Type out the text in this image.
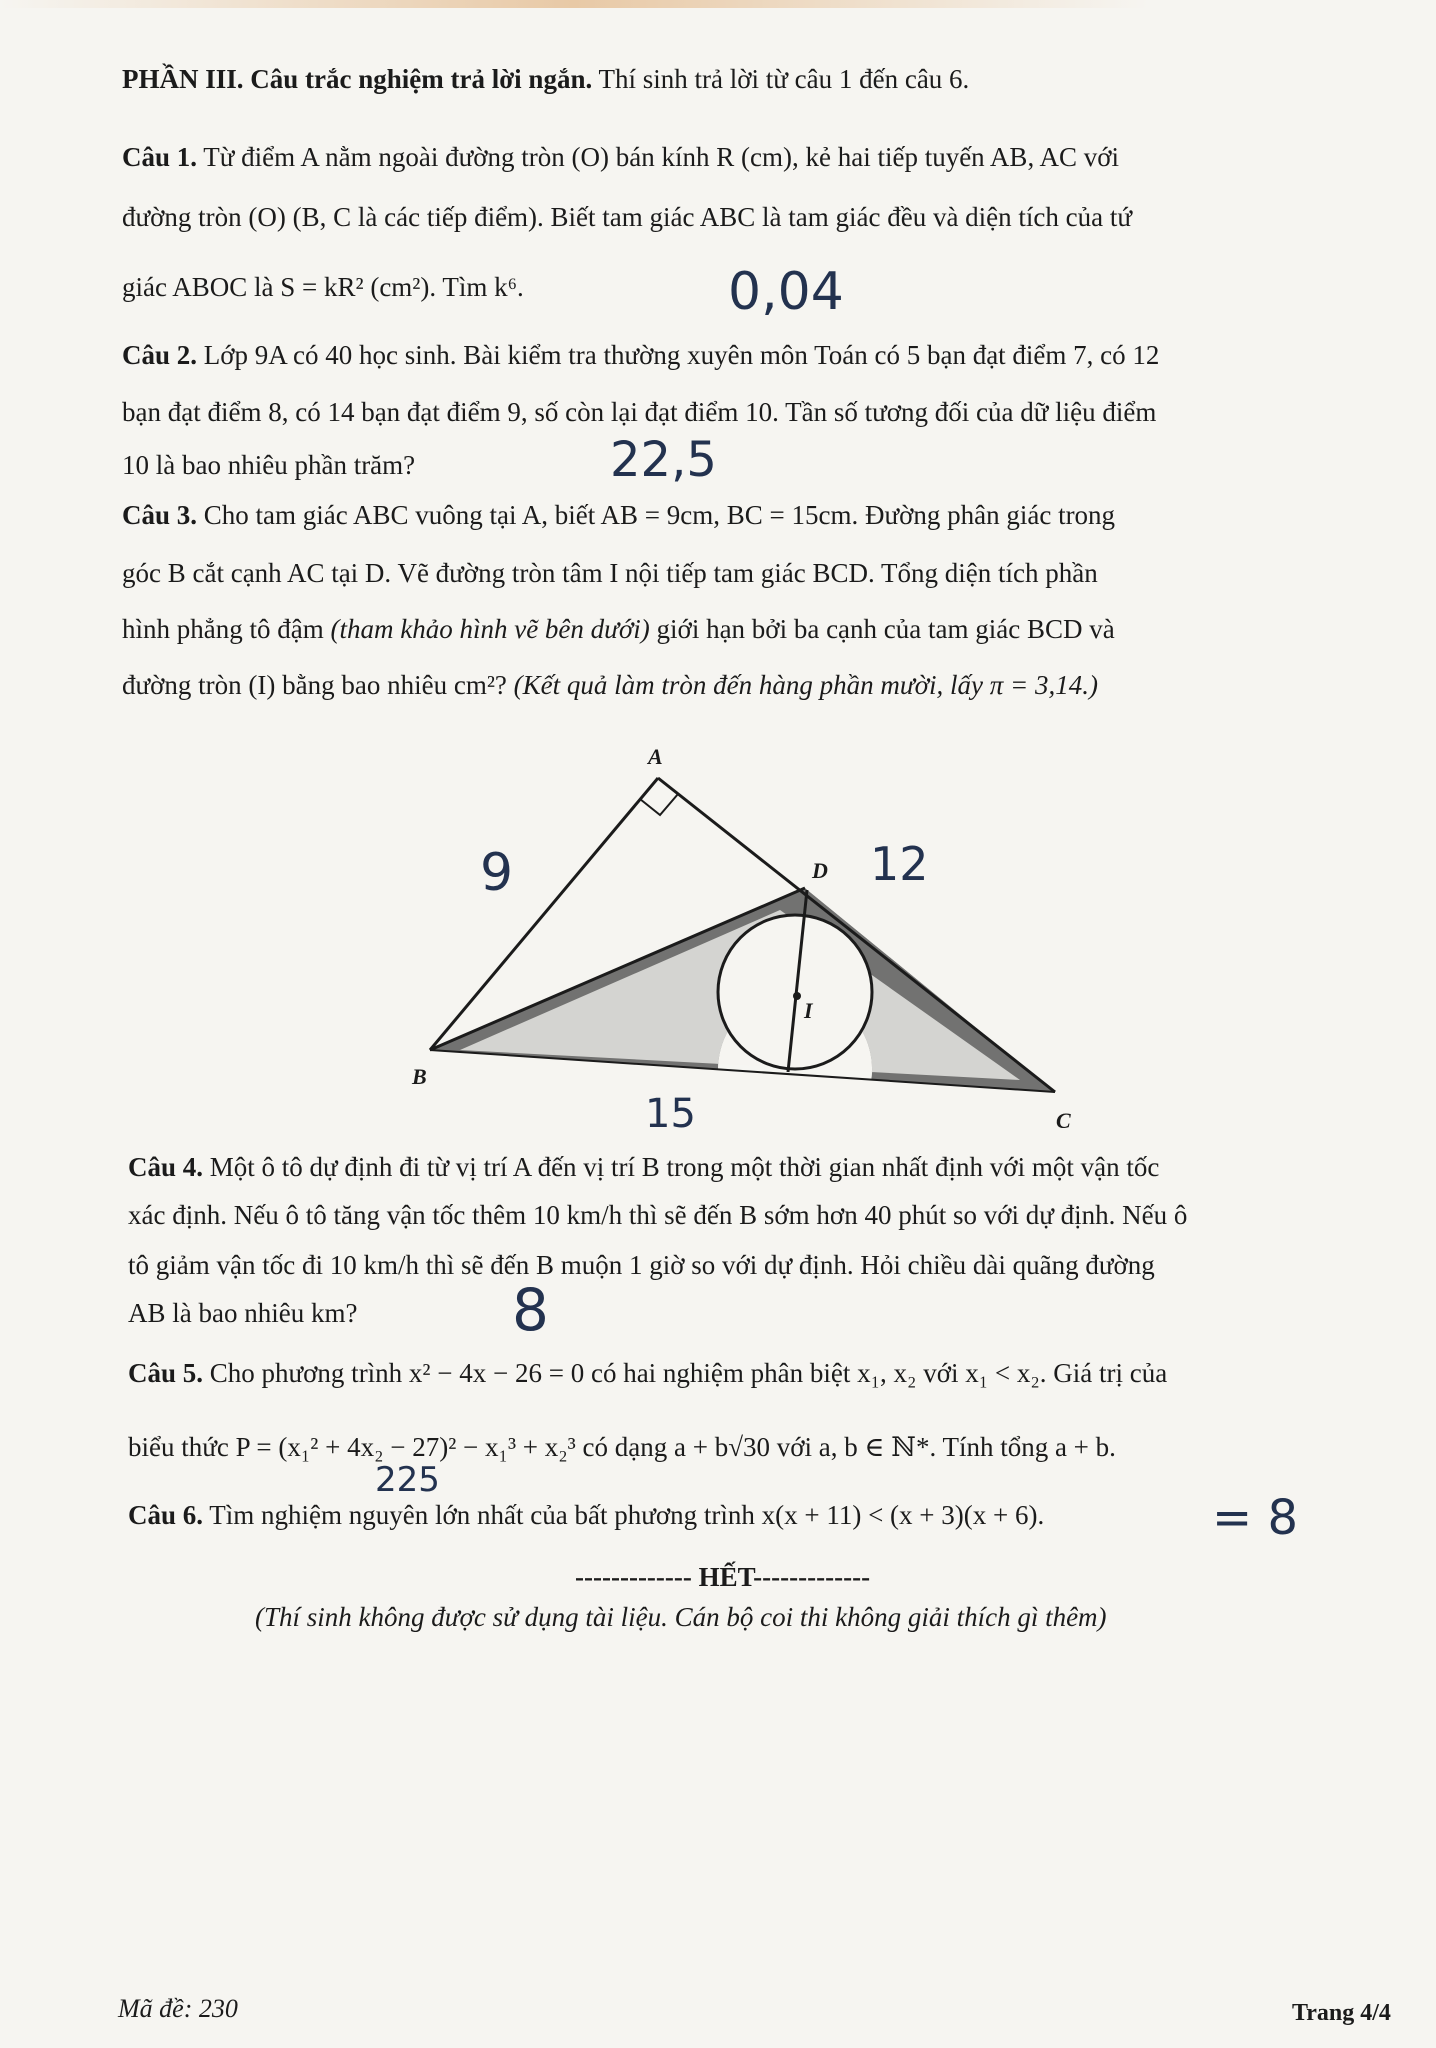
PHẦN III. Câu trắc nghiệm trả lời ngắn. Thí sinh trả lời từ câu 1 đến câu 6.
Câu 1. Từ điểm A nằm ngoài đường tròn (O) bán kính R (cm), kẻ hai tiếp tuyến AB, AC với
đường tròn (O) (B, C là các tiếp điểm). Biết tam giác ABC là tam giác đều và diện tích của tứ
giác ABOC là S = kR² (cm²). Tìm k⁶.	0,04
Câu 2. Lớp 9A có 40 học sinh. Bài kiểm tra thường xuyên môn Toán có 5 bạn đạt điểm 7, có 12
bạn đạt điểm 8, có 14 bạn đạt điểm 9, số còn lại đạt điểm 10. Tần số tương đối của dữ liệu điểm
10 là bao nhiêu phần trăm?	22,5
Câu 3. Cho tam giác ABC vuông tại A, biết AB = 9cm, BC = 15cm. Đường phân giác trong
góc B cắt cạnh AC tại D. Vẽ đường tròn tâm I nội tiếp tam giác BCD. Tổng diện tích phần
hình phẳng tô đậm (tham khảo hình vẽ bên dưới) giới hạn bởi ba cạnh của tam giác BCD và
đường tròn (I) bằng bao nhiêu cm²? (Kết quả làm tròn đến hàng phần mười, lấy π = 3,14.)
A
B
C
D
I
9	12
15
Câu 4. Một ô tô dự định đi từ vị trí A đến vị trí B trong một thời gian nhất định với một vận tốc
xác định. Nếu ô tô tăng vận tốc thêm 10 km/h thì sẽ đến B sớm hơn 40 phút so với dự định. Nếu ô
tô giảm vận tốc đi 10 km/h thì sẽ đến B muộn 1 giờ so với dự định. Hỏi chiều dài quãng đường
AB là bao nhiêu km?	8
Câu 5. Cho phương trình x² − 4x − 26 = 0 có hai nghiệm phân biệt x₁, x₂ với x₁ < x₂. Giá trị của
biểu thức P = (x₁² + 4x₂ − 27)² − x₁³ + x₂³ có dạng a + b√30 với a, b ∈ ℕ*. Tính tổng a + b.
225
Câu 6. Tìm nghiệm nguyên lớn nhất của bất phương trình x(x + 11) < (x + 3)(x + 6).	= 8
------------- HẾT-------------
(Thí sinh không được sử dụng tài liệu. Cán bộ coi thi không giải thích gì thêm)
Mã đề: 230	Trang 4/4
